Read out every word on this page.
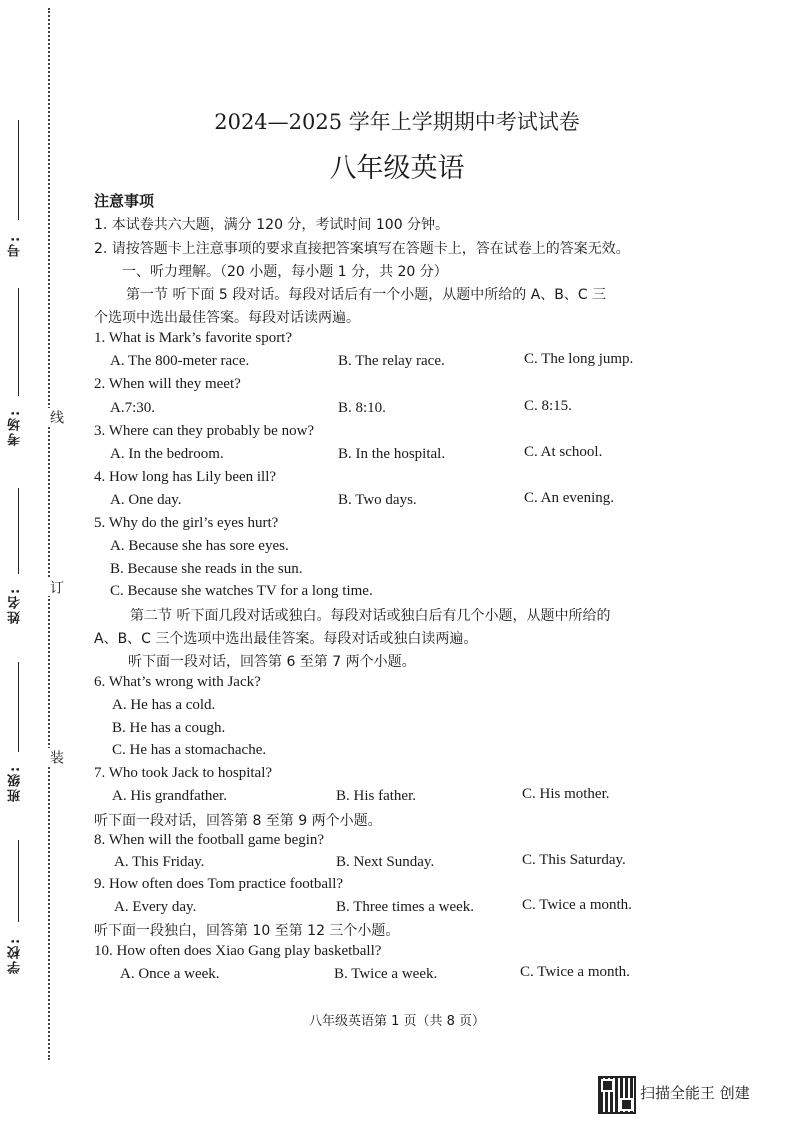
学校:
班级:
姓名:
考场:
号:
装
订
线
2024—2025 学年上学期期中考试试卷
八年级英语
注意事项
1. 本试卷共六大题，满分 120 分，考试时间 100 分钟。
2. 请按答题卡上注意事项的要求直接把答案填写在答题卡上，答在试卷上的答案无效。
一、听力理解。（20 小题，每小题 1 分，共 20 分）
第一节 听下面 5 段对话。每段对话后有一个小题，从题中所给的 A、B、C 三
个选项中选出最佳答案。每段对话读两遍。
1. What is Mark’s favorite sport?
A. The 800-meter race.	B. The relay race.	C. The long jump.
2. When will they meet?
A.7:30.	B. 8:10.	C. 8:15.
3. Where can they probably be now?
A. In the bedroom.	B. In the hospital.	C. At school.
4. How long has Lily been ill?
A. One day.	B. Two days.	C. An evening.
5. Why do the girl’s eyes hurt?
A. Because she has sore eyes.
B. Because she reads in the sun.
C. Because she watches TV for a long time.
第二节 听下面几段对话或独白。每段对话或独白后有几个小题，从题中所给的
A、B、C 三个选项中选出最佳答案。每段对话或独白读两遍。
听下面一段对话，回答第 6 至第 7 两个小题。
6. What’s wrong with Jack?
A. He has a cold.
B. He has a cough.
C. He has a stomachache.
7. Who took Jack to hospital?
A. His grandfather.	B. His father.	C. His mother.
听下面一段对话，回答第 8 至第 9 两个小题。
8. When will the football game begin?
A. This Friday.	B. Next Sunday.	C. This Saturday.
9. How often does Tom practice football?
A. Every day.	B. Three times a week.	C. Twice a month.
听下面一段独白，回答第 10 至第 12 三个小题。
10. How often does Xiao Gang play basketball?
A. Once a week.	B. Twice a week.	C. Twice a month.
八年级英语第 1 页（共 8 页）
扫描全能王 创建
